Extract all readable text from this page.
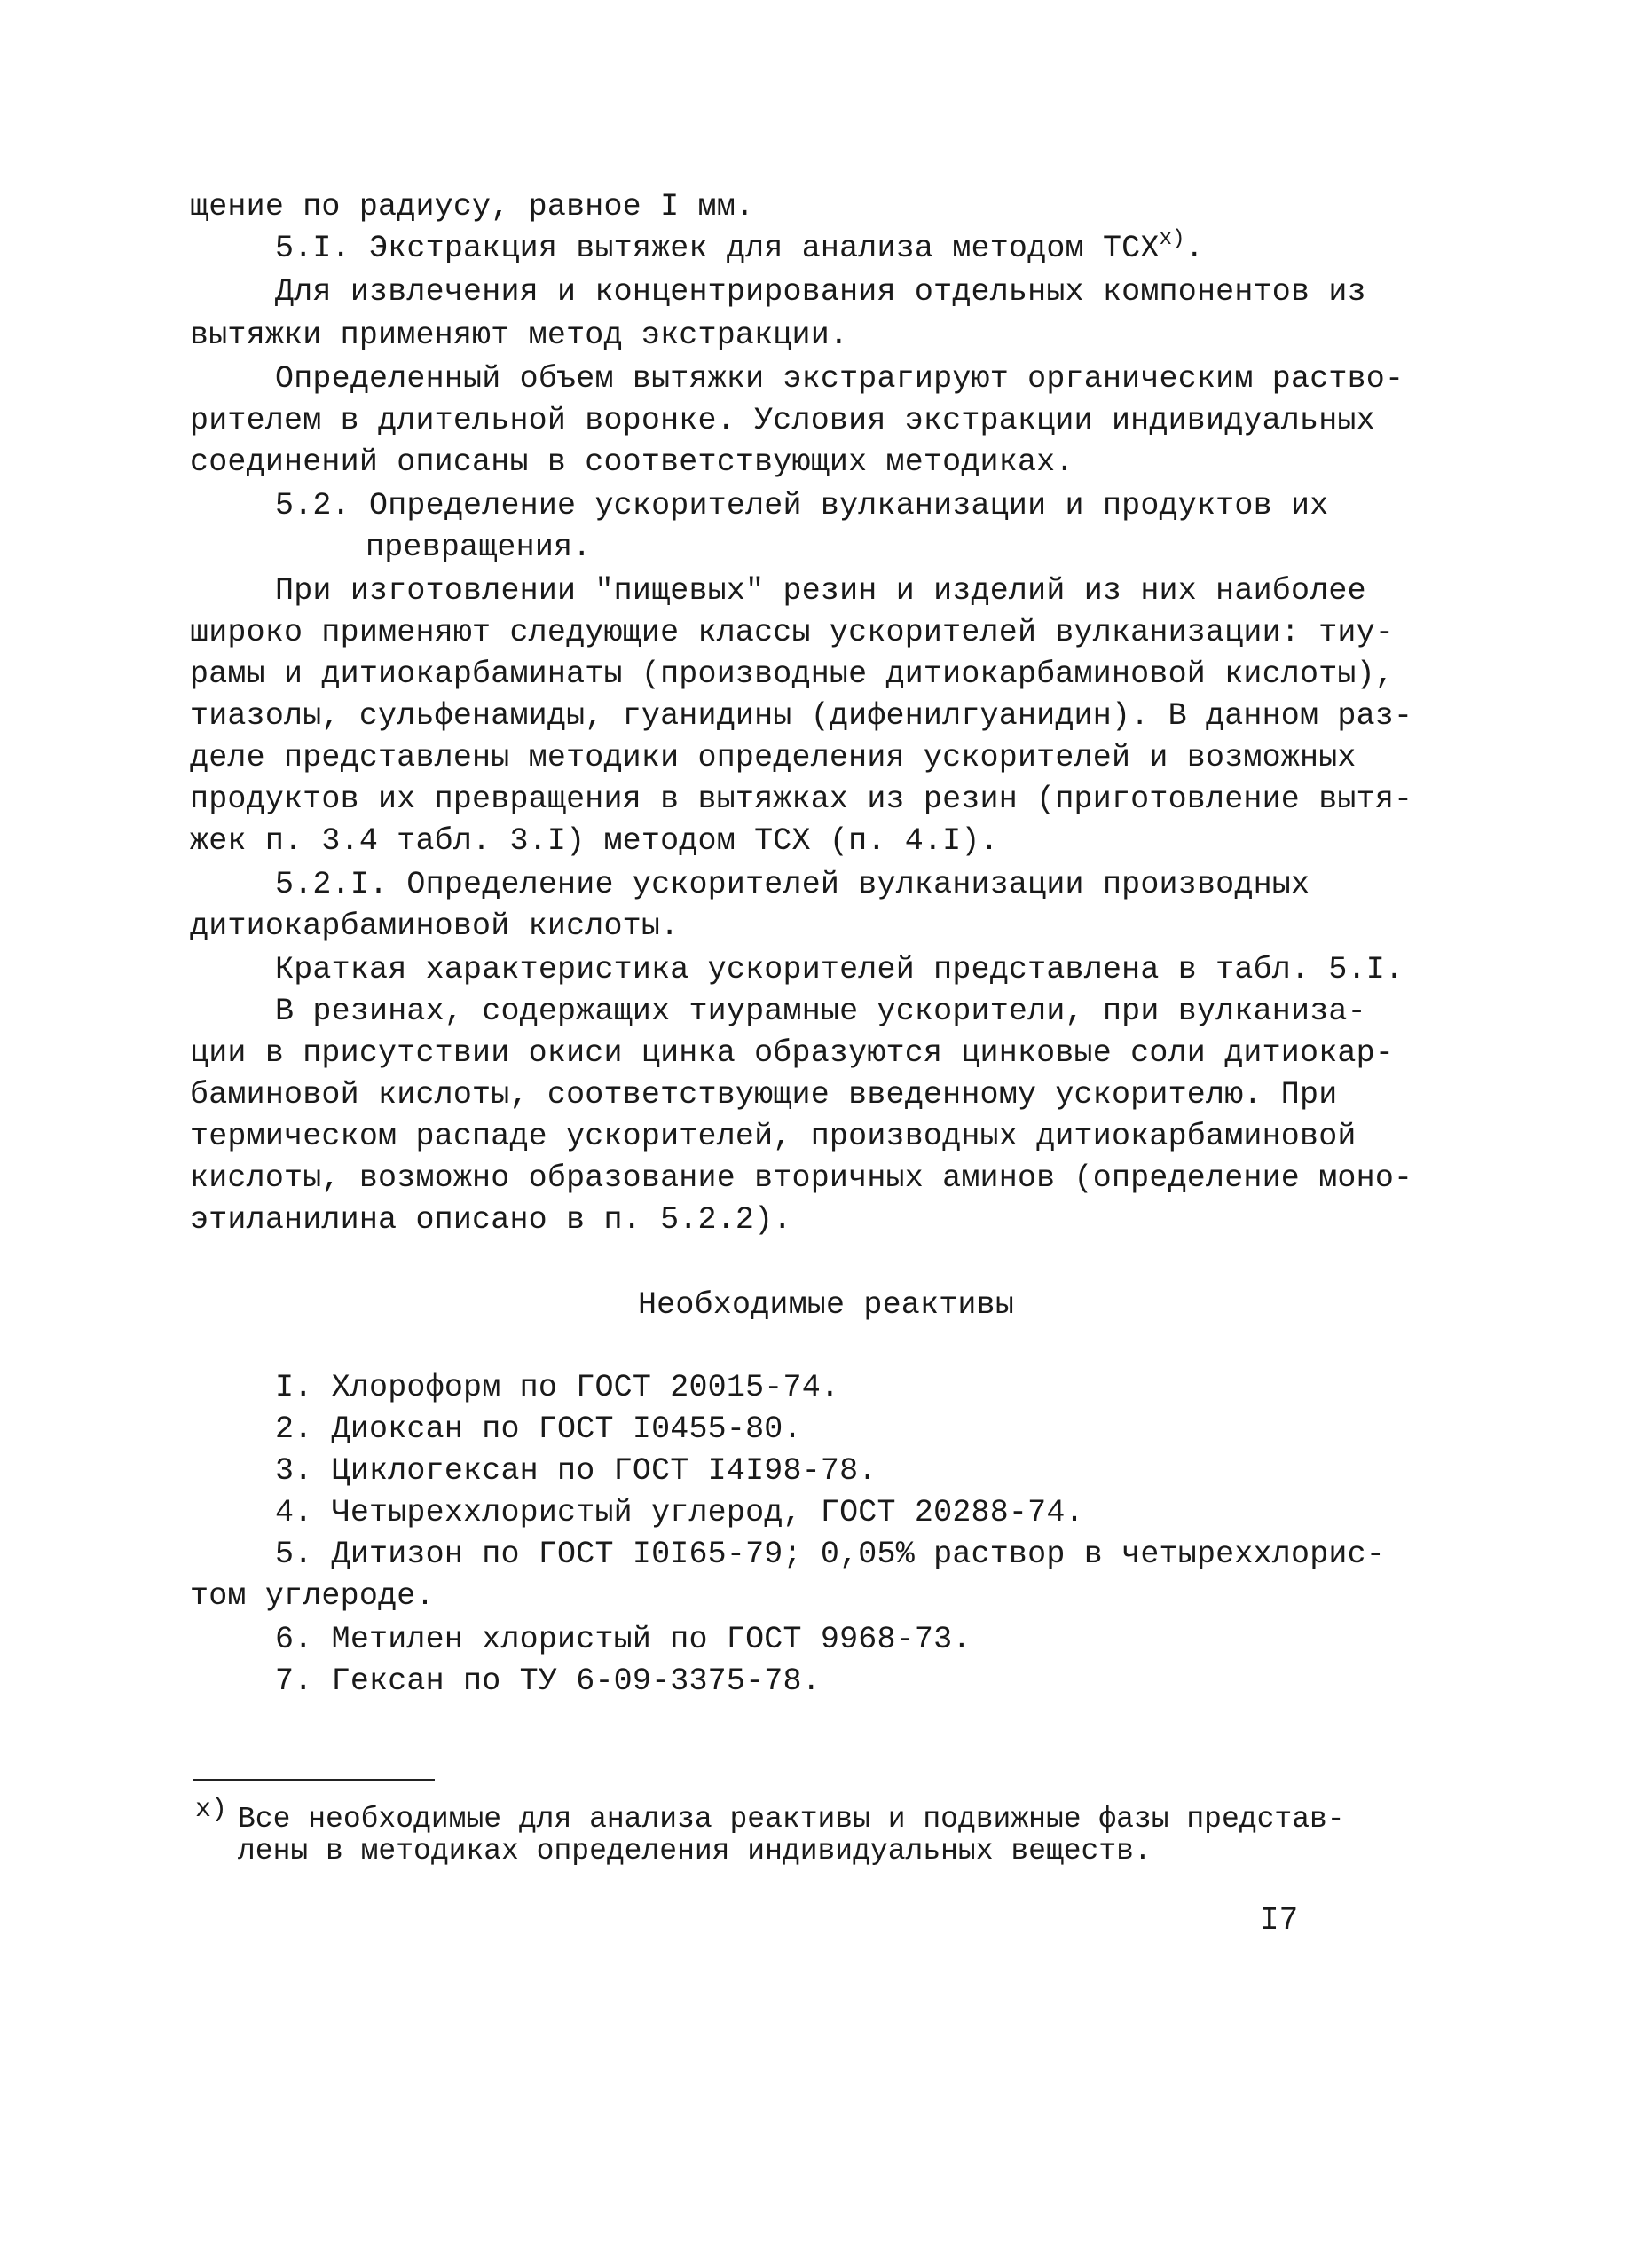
щение по радиусу, равное I мм.
5.I. Экстракция вытяжек для анализа методом ТСХ$^{x)}$.
Для извлечения и концентрирования отдельных компонентов из
вытяжки применяют метод экстракции.
Определенный объем вытяжки экстрагируют органическим раство-
рителем в длительной воронке. Условия экстракции индивидуальных
соединений описаны в соответствующих методиках.
5.2. Определение ускорителей вулканизации и продуктов их
превращения.
При изготовлении "пищевых" резин и изделий из них наиболее
широко применяют следующие классы ускорителей вулканизации: тиу-
рамы и дитиокарбаминаты (производные дитиокарбаминовой кислоты),
тиазолы, сульфенамиды, гуанидины (дифенилгуанидин). В данном раз-
деле представлены методики определения ускорителей и возможных
продуктов их превращения в вытяжках из резин (приготовление вытя-
жек п. 3.4 табл. 3.I) методом ТСХ (п. 4.I).
5.2.I. Определение ускорителей вулканизации производных
дитиокарбаминовой кислоты.
Краткая характеристика ускорителей представлена в табл. 5.I.
В резинах, содержащих тиурамные ускорители, при вулканиза-
ции в присутствии окиси цинка образуются цинковые соли дитиокар-
баминовой кислоты, соответствующие введенному ускорителю. При
термическом распаде ускорителей, производных дитиокарбаминовой
кислоты, возможно образование вторичных аминов (определение моно-
этиланилина описано в п. 5.2.2).
Необходимые реактивы
I. Хлороформ по ГОСТ 20015-74.
2. Диоксан по ГОСТ I0455-80.
3. Циклогексан по ГОСТ I4I98-78.
4. Четыреххлористый углерод, ГОСТ 20288-74.
5. Дитизон по ГОСТ I0I65-79; 0,05% раствор в четыреххлорис-
том углероде.
6. Метилен хлористый по ГОСТ 9968-73.
7. Гексан по ТУ 6-09-3375-78.
x) Все необходимые для анализа реактивы и подвижные фазы представ-
лены в методиках определения индивидуальных веществ.
I7
